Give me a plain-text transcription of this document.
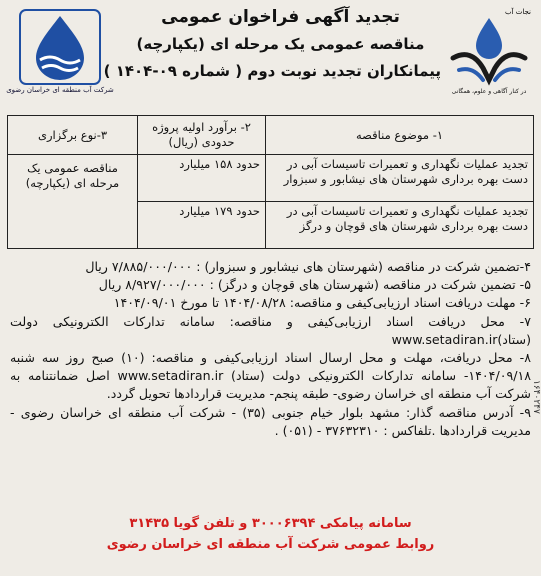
شرکت آب منطقه ای خراسان رضوی
نجات آب
در کنار آگاهی و علوم، همگانی
تجدید آگهی فراخوان عمومی
مناقصه عمومی یک مرحله ای (یکپارچه)
پیمانکاران تجدید نوبت دوم ( شماره ۰۹-۱۴۰۴ )
۱- موضوع مناقصه	۲- برآورد اولیه پروژه حدودی (ریال)	۳-نوع برگزاری
تجدید عملیات نگهداری و تعمیرات تاسیسات آبی در دست بهره برداری شهرستان های نیشابور و سبزوار	حدود ۱۵۸ میلیارد	مناقصه عمومی یک مرحله ای (یکپارچه)
تجدید عملیات نگهداری و تعمیرات تاسیسات آبی در دست بهره برداری شهرستان های قوچان و درگز	حدود ۱۷۹ میلیارد	

۴-تضمین شرکت در مناقصه (شهرستان های نیشابور و سبزوار) : ۷/۸۸۵/۰۰۰/۰۰۰ ریال

۵- تضمین شرکت در مناقصه (شهرستان های قوچان و درگز) : ۸/۹۲۷/۰۰۰/۰۰۰ ریال

۶- مهلت دریافت اسناد ارزیابی‌کیفی و مناقصه: ۱۴۰۴/۰۸/۲۸ تا مورخ ۱۴۰۴/۰۹/۰۱

۷- محل دریافت اسناد ارزیابی‌کیفی و مناقصه: سامانه تدارکات الکترونیکی دولت (ستاد)www.setadiran.ir

۸- محل دریافت، مهلت و محل ارسال اسناد ارزیابی‌کیفی و مناقصه: (۱۰) صبح روز سه شنبه ۱۴۰۴/۰۹/۱۸- سامانه تدارکات الکترونیکی دولت (ستاد) www.setadiran.ir اصل ضمانتنامه به شرکت آب منطقه ای خراسان رضوی- طبقه پنجم- مدیریت قراردادها تحویل گردد.

۹- آدرس مناقصه گذار: مشهد بلوار خیام جنوبی (۳۵) - شرکت آب منطقه ای خراسان رضوی - مدیریت قراردادها .تلفاکس : ۳۷۶۳۲۳۱۰ - (۰۵۱) .

سامانه پیامکی ۳۰۰۰۶۳۹۴ و تلفن گویا ۳۱۴۳۵
روابط عمومی شرکت آب منطقه ای خراسان رضوی
۱۶۴۰۲۴۷
